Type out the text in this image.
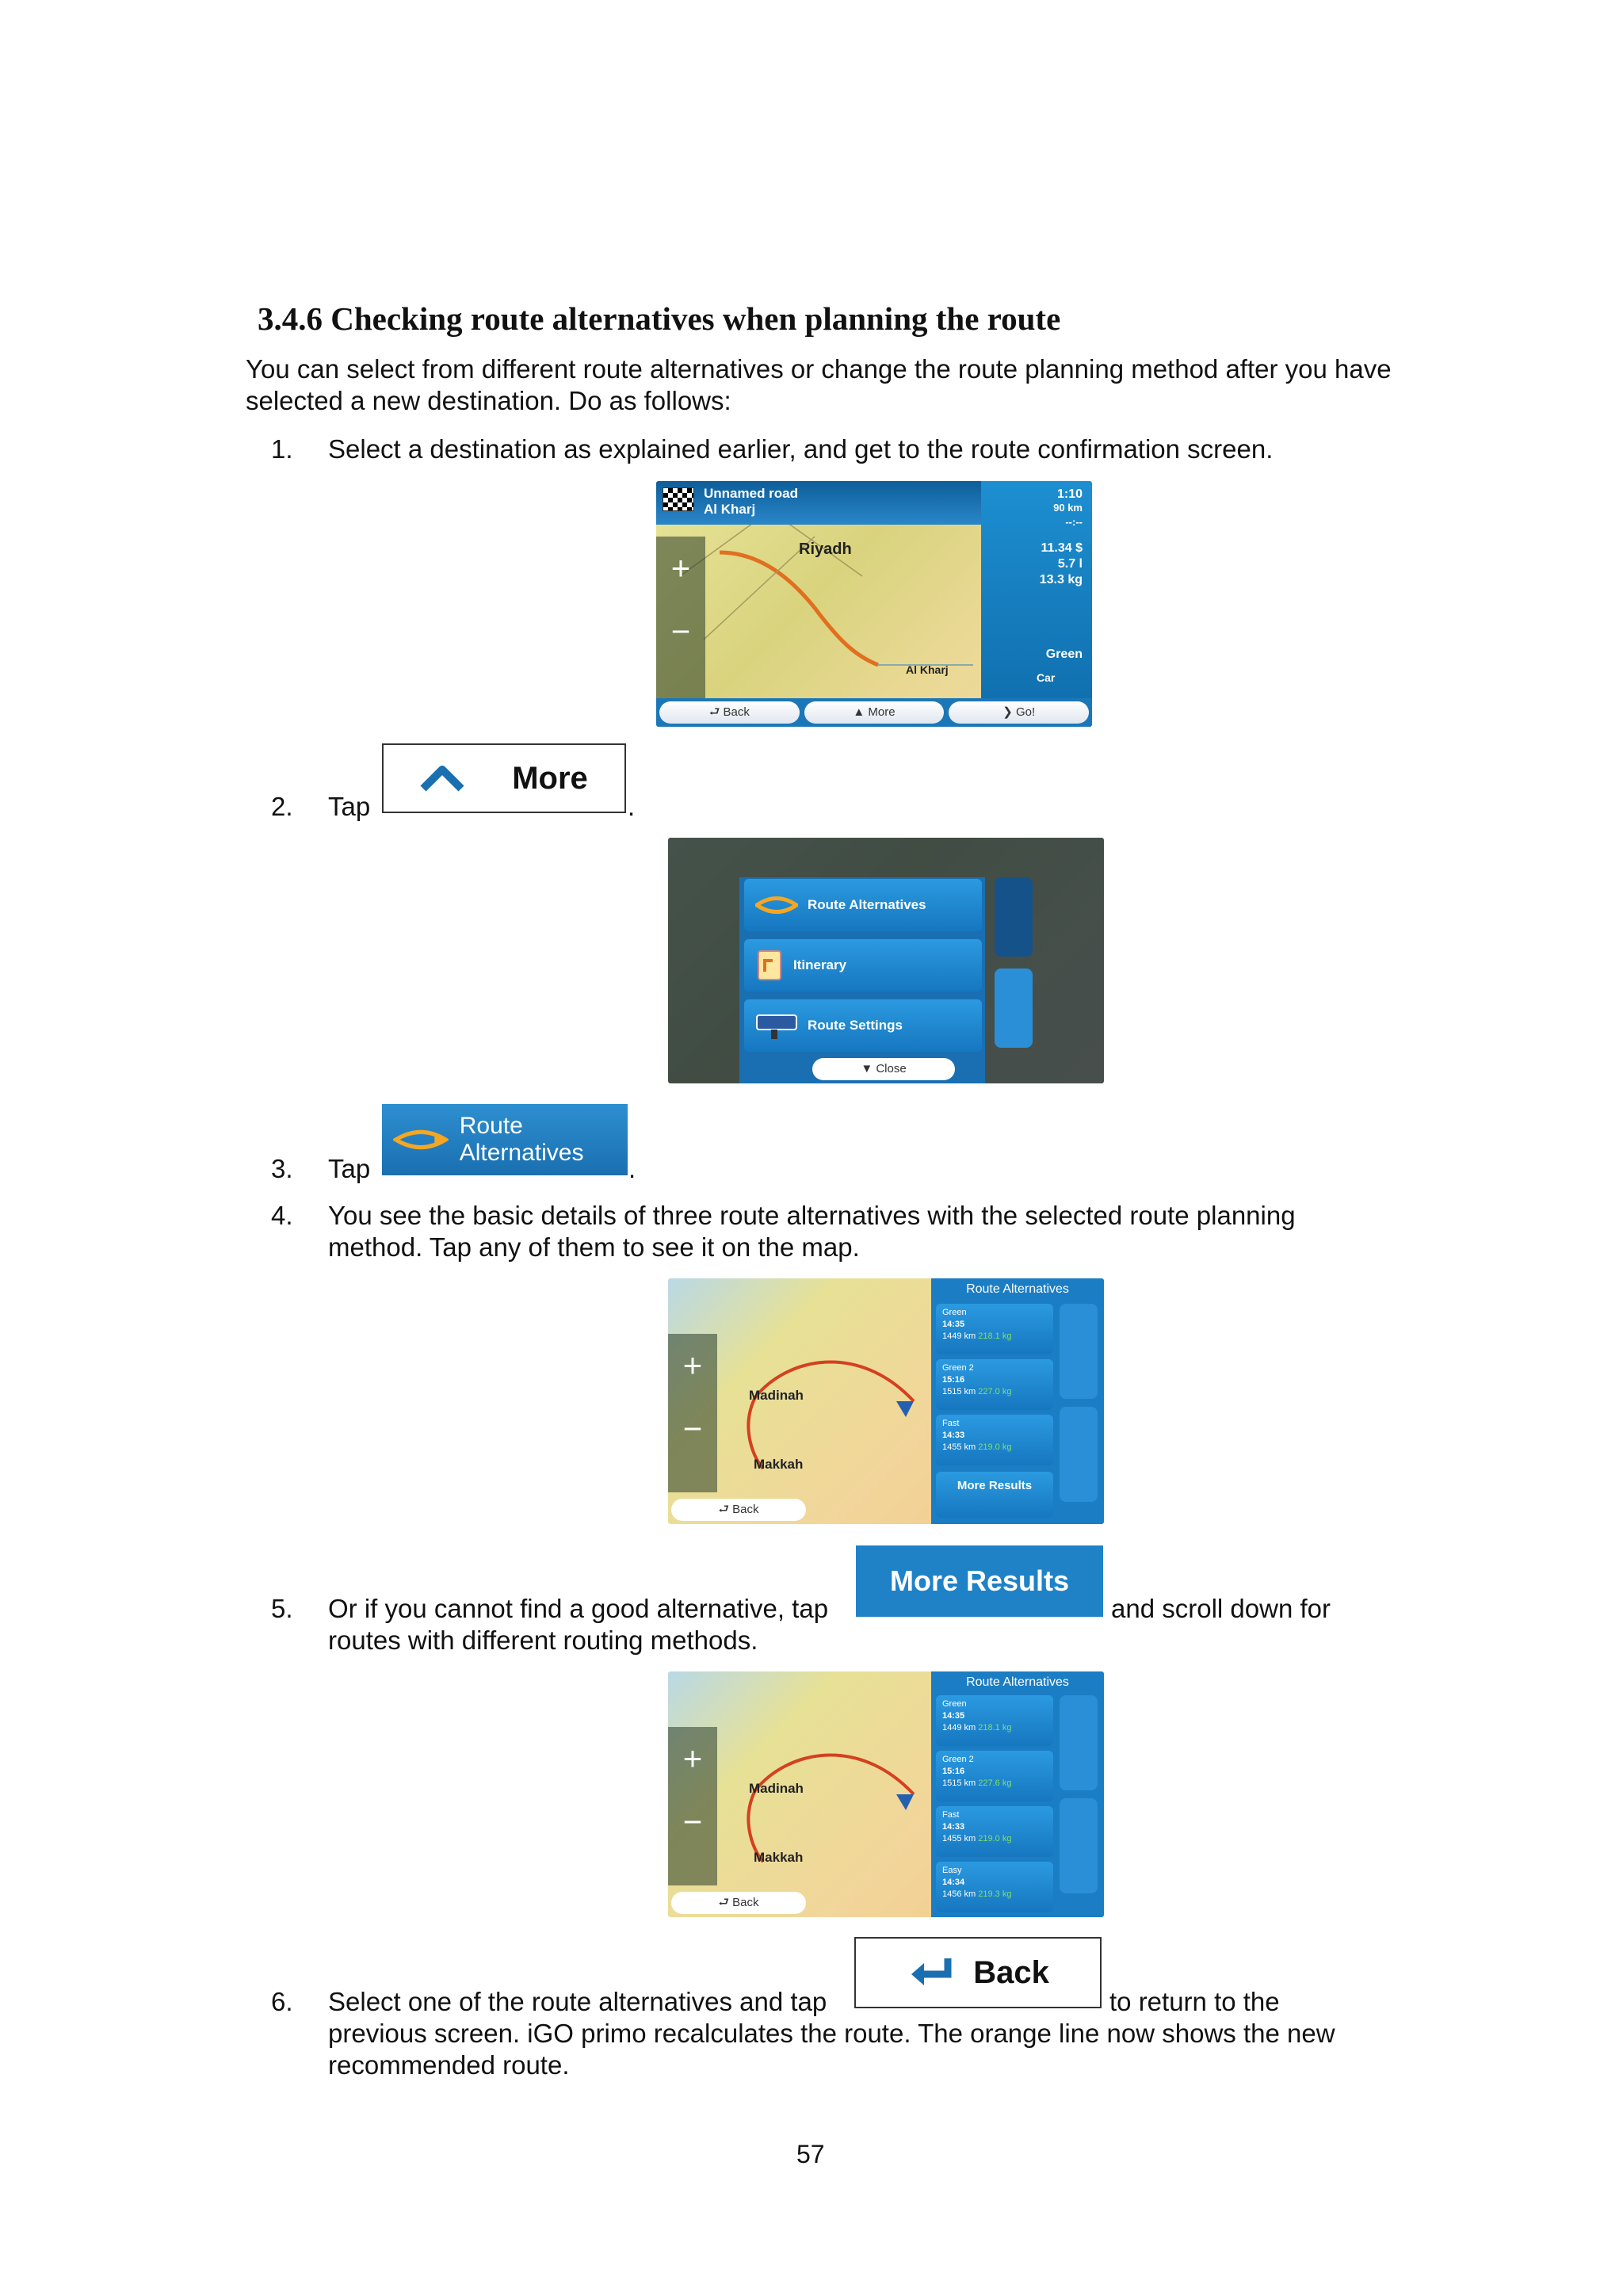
3.4.6 Checking route alternatives when planning the route
You can select from different route alternatives or change the route planning method after you have selected a new destination. Do as follows:
1. Select a destination as explained earlier, and get to the route confirmation screen.
Unnamed road
Al Kharj
Riyadh
Al Kharj
+
−
1:10
90 km
--:--
11.34 $
5.7 l
13.3 kg
Green
Car
⮐ Back	▲ More	❯ Go!
2. Tap
More
.
Route Alternatives
Itinerary
Route Settings
▼ Close
3. Tap
Route Alternatives
.
4. You see the basic details of three route alternatives with the selected route planning method. Tap any of them to see it on the map.
Madinah
Makkah
+
−
⮐ Back
Route Alternatives
Green
14:35
1449 km 218.1 kg
Green 2
15:16
1515 km 227.0 kg
Fast
14:33
1455 km 219.0 kg
More Results
5. Or if you cannot find a good alternative, tap
More Results
and scroll down for
routes with different routing methods.
Madinah
Makkah
+
−
⮐ Back
Route Alternatives
Green
14:35
1449 km 218.1 kg
Green 2
15:16
1515 km 227.6 kg
Fast
14:33
1455 km 219.0 kg
Easy
14:34
1456 km 219.3 kg
6. Select one of the route alternatives and tap
Back
to return to the
previous screen. iGO primo recalculates the route. The orange line now shows the new
recommended route.
57
